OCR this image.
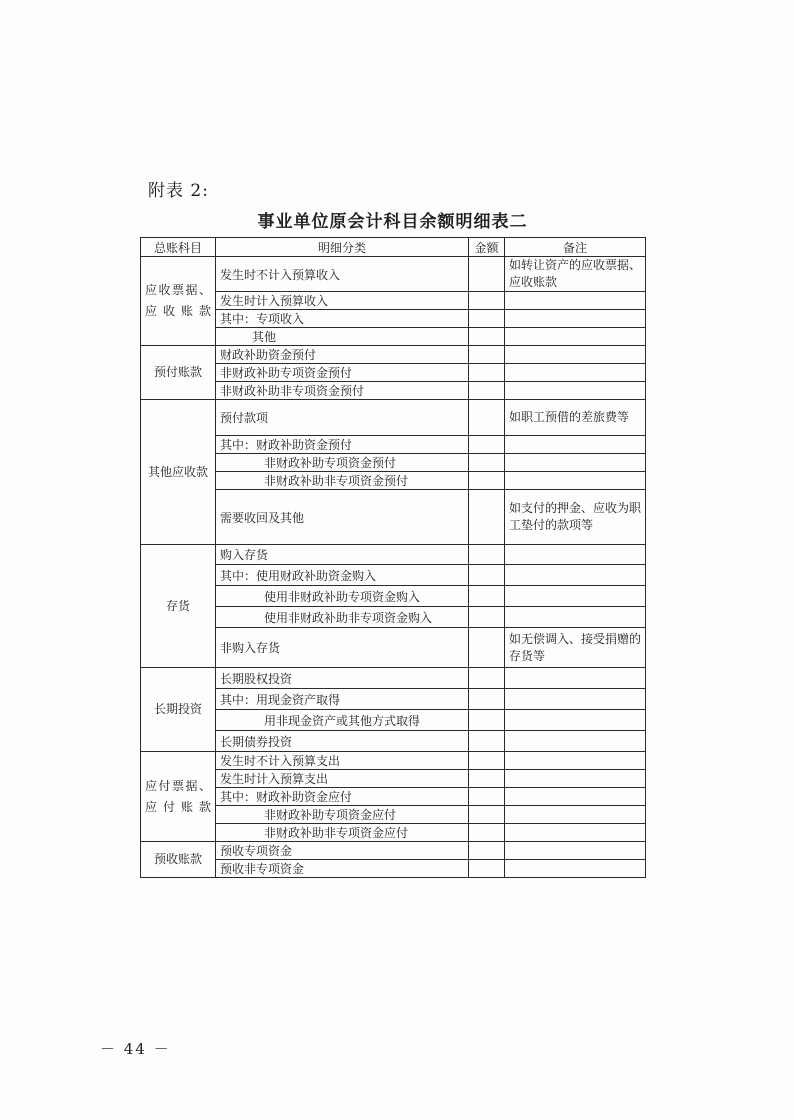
附表 2:
事业单位原会计科目余额明细表二
总账科目	明细分类	金额	备注
应收票据、应收账款	发生时不计入预算收入		如转让资产的应收票据、应收账款
	发生时计入预算收入		
	其中：专项收入		
	其他		
预付账款	财政补助资金预付		
	非财政补助专项资金预付		
	非财政补助非专项资金预付		
其他应收款	预付款项		如职工预借的差旅费等
	其中：财政补助资金预付		
	非财政补助专项资金预付		
	非财政补助非专项资金预付		
	需要收回及其他		如支付的押金、应收为职工垫付的款项等
存货	购入存货		
	其中：使用财政补助资金购入		
	使用非财政补助专项资金购入		
	使用非财政补助非专项资金购入		
	非购入存货		如无偿调入、接受捐赠的存货等
长期投资	长期股权投资		
	其中：用现金资产取得		
	用非现金资产或其他方式取得		
	长期债券投资		
应付票据、应付账款	发生时不计入预算支出		
	发生时计入预算支出		
	其中：财政补助资金应付		
	非财政补助专项资金应付		
	非财政补助非专项资金应付		
预收账款	预收专项资金		
	预收非专项资金		
－ 44 －
